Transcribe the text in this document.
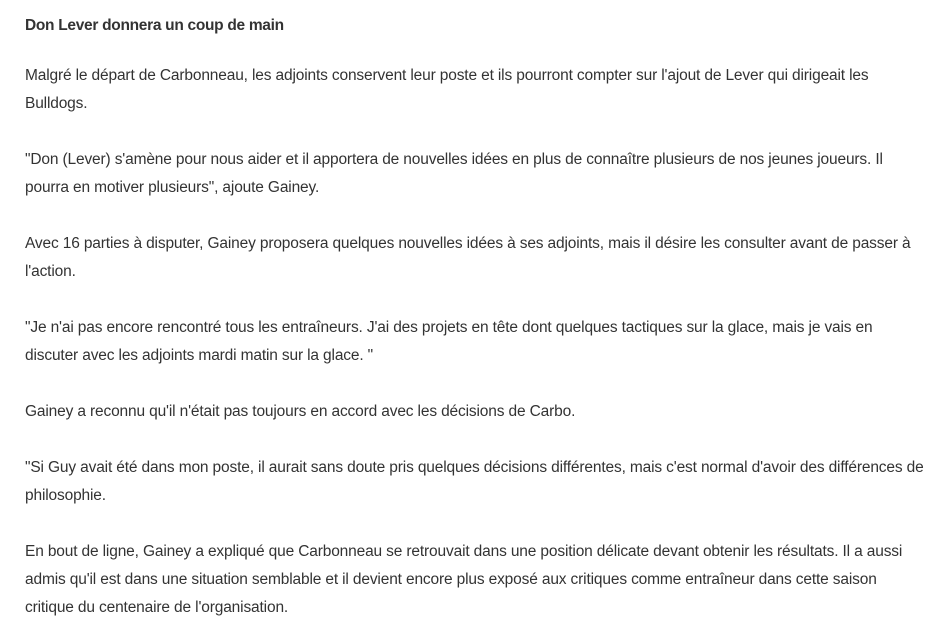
Don Lever donnera un coup de main

Malgré le départ de Carbonneau, les adjoints conservent leur poste et ils pourront compter sur l'ajout de Lever qui dirigeait les Bulldogs.

"Don (Lever) s'amène pour nous aider et il apportera de nouvelles idées en plus de connaître plusieurs de nos jeunes joueurs. Il pourra en motiver plusieurs", ajoute Gainey.

Avec 16 parties à disputer, Gainey proposera quelques nouvelles idées à ses adjoints, mais il désire les consulter avant de passer à l'action.

"Je n'ai pas encore rencontré tous les entraîneurs. J'ai des projets en tête dont quelques tactiques sur la glace, mais je vais en discuter avec les adjoints mardi matin sur la glace. "

Gainey a reconnu qu'il n'était pas toujours en accord avec les décisions de Carbo.

"Si Guy avait été dans mon poste, il aurait sans doute pris quelques décisions différentes, mais c'est normal d'avoir des différences de philosophie.

En bout de ligne, Gainey a expliqué que Carbonneau se retrouvait dans une position délicate devant obtenir les résultats. Il a aussi admis qu'il est dans une situation semblable et il devient encore plus exposé aux critiques comme entraîneur dans cette saison critique du centenaire de l'organisation.
